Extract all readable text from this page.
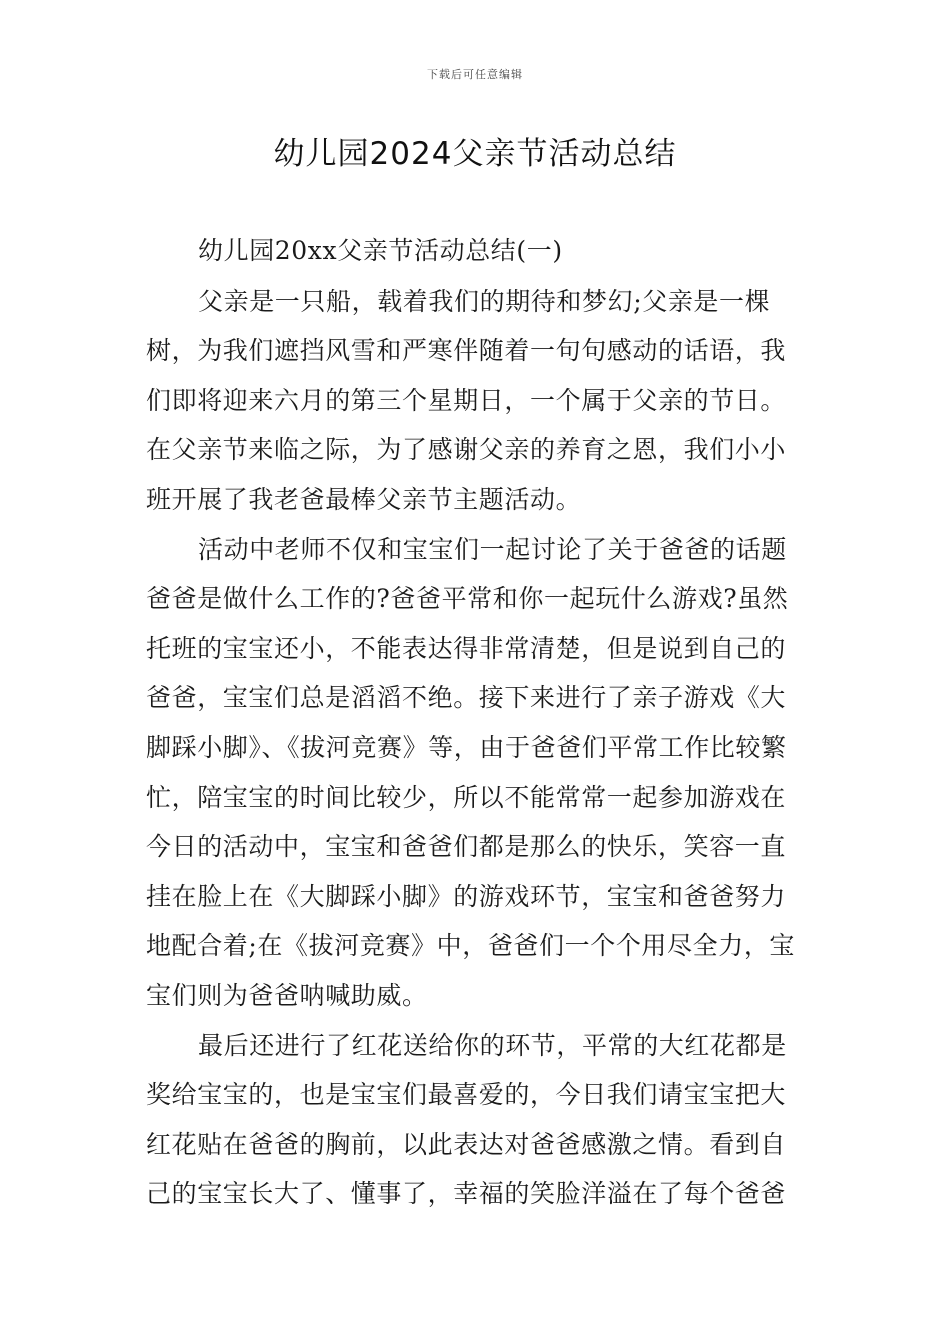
下载后可任意编辑
幼儿园2024父亲节活动总结

幼儿园20xx父亲节活动总结(一)

父亲是一只船，载着我们的期待和梦幻;父亲是一棵树，为我们遮挡风雪和严寒伴随着一句句感动的话语，我们即将迎来六月的第三个星期日，一个属于父亲的节日。在父亲节来临之际，为了感谢父亲的养育之恩，我们小小班开展了我老爸最棒父亲节主题活动。

活动中老师不仅和宝宝们一起讨论了关于爸爸的话题爸爸是做什么工作的?爸爸平常和你一起玩什么游戏?虽然托班的宝宝还小，不能表达得非常清楚，但是说到自己的爸爸，宝宝们总是滔滔不绝。接下来进行了亲子游戏《大脚踩小脚》、《拔河竞赛》等，由于爸爸们平常工作比较繁忙，陪宝宝的时间比较少，所以不能常常一起参加游戏在今日的活动中，宝宝和爸爸们都是那么的快乐，笑容一直挂在脸上在《大脚踩小脚》的游戏环节，宝宝和爸爸努力地配合着;在《拔河竞赛》中，爸爸们一个个用尽全力，宝宝们则为爸爸呐喊助威。

最后还进行了红花送给你的环节，平常的大红花都是奖给宝宝的，也是宝宝们最喜爱的，今日我们请宝宝把大红花贴在爸爸的胸前，以此表达对爸爸感激之情。看到自己的宝宝长大了、懂事了，幸福的笑脸洋溢在了每个爸爸
